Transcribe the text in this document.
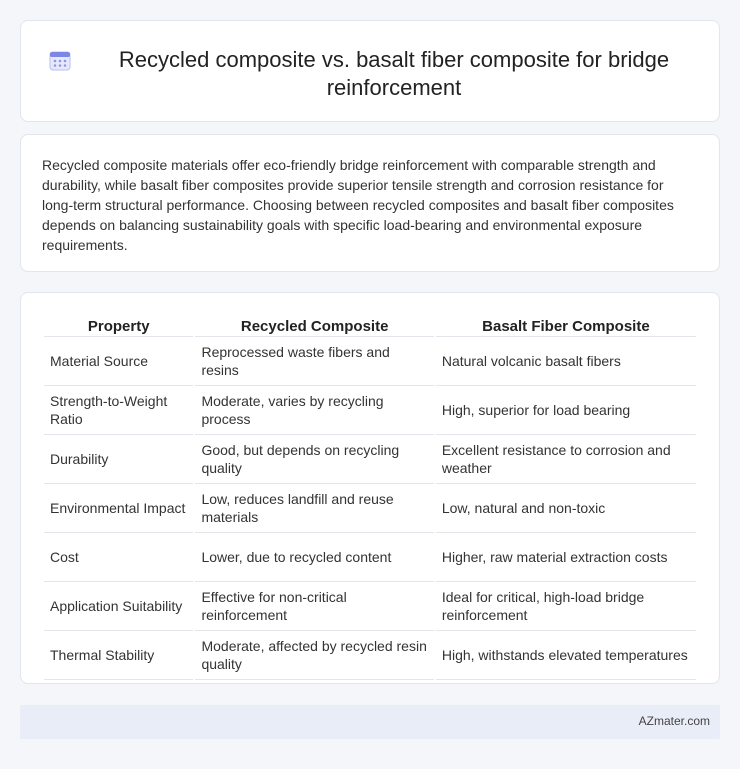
Recycled composite vs. basalt fiber composite for bridge reinforcement

Recycled composite materials offer eco-friendly bridge reinforcement with comparable strength and durability, while basalt fiber composites provide superior tensile strength and corrosion resistance for long-term structural performance. Choosing between recycled composites and basalt fiber composites depends on balancing sustainability goals with specific load-bearing and environmental exposure requirements.

Property	Recycled Composite	Basalt Fiber Composite
Material Source	Reprocessed waste fibers and resins	Natural volcanic basalt fibers
Strength-to-Weight Ratio	Moderate, varies by recycling process	High, superior for load bearing
Durability	Good, but depends on recycling quality	Excellent resistance to corrosion and weather
Environmental Impact	Low, reduces landfill and reuse materials	Low, natural and non-toxic
Cost	Lower, due to recycled content	Higher, raw material extraction costs
Application Suitability	Effective for non-critical reinforcement	Ideal for critical, high-load bridge reinforcement
Thermal Stability	Moderate, affected by recycled resin quality	High, withstands elevated temperatures
AZmater.com
